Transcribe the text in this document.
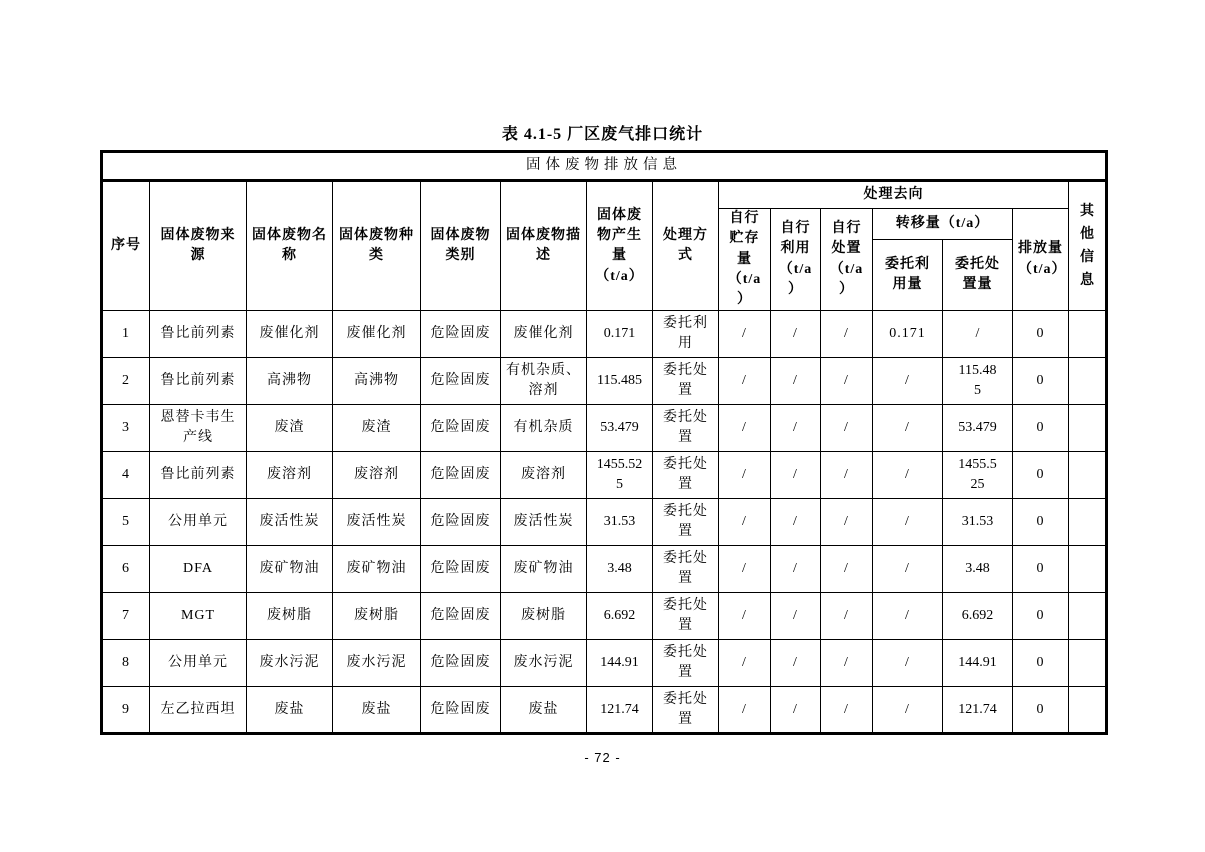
表 4.1-5 厂区废气排口统计
固体废物排放信息														
序号	固体废物来源	固体废物名称	固体废物种类	固体废物类别	固体废物描述	固体废物产生量（t/a）	处理方式	处理去向						其他信息
								自行贮存量（t/a）	自行利用（t/a）	自行处置（t/a）	转移量（t/a）		排放量（t/a）	
											委托利用量	委托处置量		
1	鲁比前列素	废催化剂	废催化剂	危险固废	废催化剂	0.171	委托利用	/	/	/	0.171	/	0	
2	鲁比前列素	高沸物	高沸物	危险固废	有机杂质、溶剂	115.485	委托处置	/	/	/	/	115.485	0	
3	恩替卡韦生产线	废渣	废渣	危险固废	有机杂质	53.479	委托处置	/	/	/	/	53.479	0	
4	鲁比前列素	废溶剂	废溶剂	危险固废	废溶剂	1455.525	委托处置	/	/	/	/	1455.525	0	
5	公用单元	废活性炭	废活性炭	危险固废	废活性炭	31.53	委托处置	/	/	/	/	31.53	0	
6	DFA	废矿物油	废矿物油	危险固废	废矿物油	3.48	委托处置	/	/	/	/	3.48	0	
7	MGT	废树脂	废树脂	危险固废	废树脂	6.692	委托处置	/	/	/	/	6.692	0	
8	公用单元	废水污泥	废水污泥	危险固废	废水污泥	144.91	委托处置	/	/	/	/	144.91	0	
9	左乙拉西坦	废盐	废盐	危险固废	废盐	121.74	委托处置	/	/	/	/	121.74	0	
- 72 -
